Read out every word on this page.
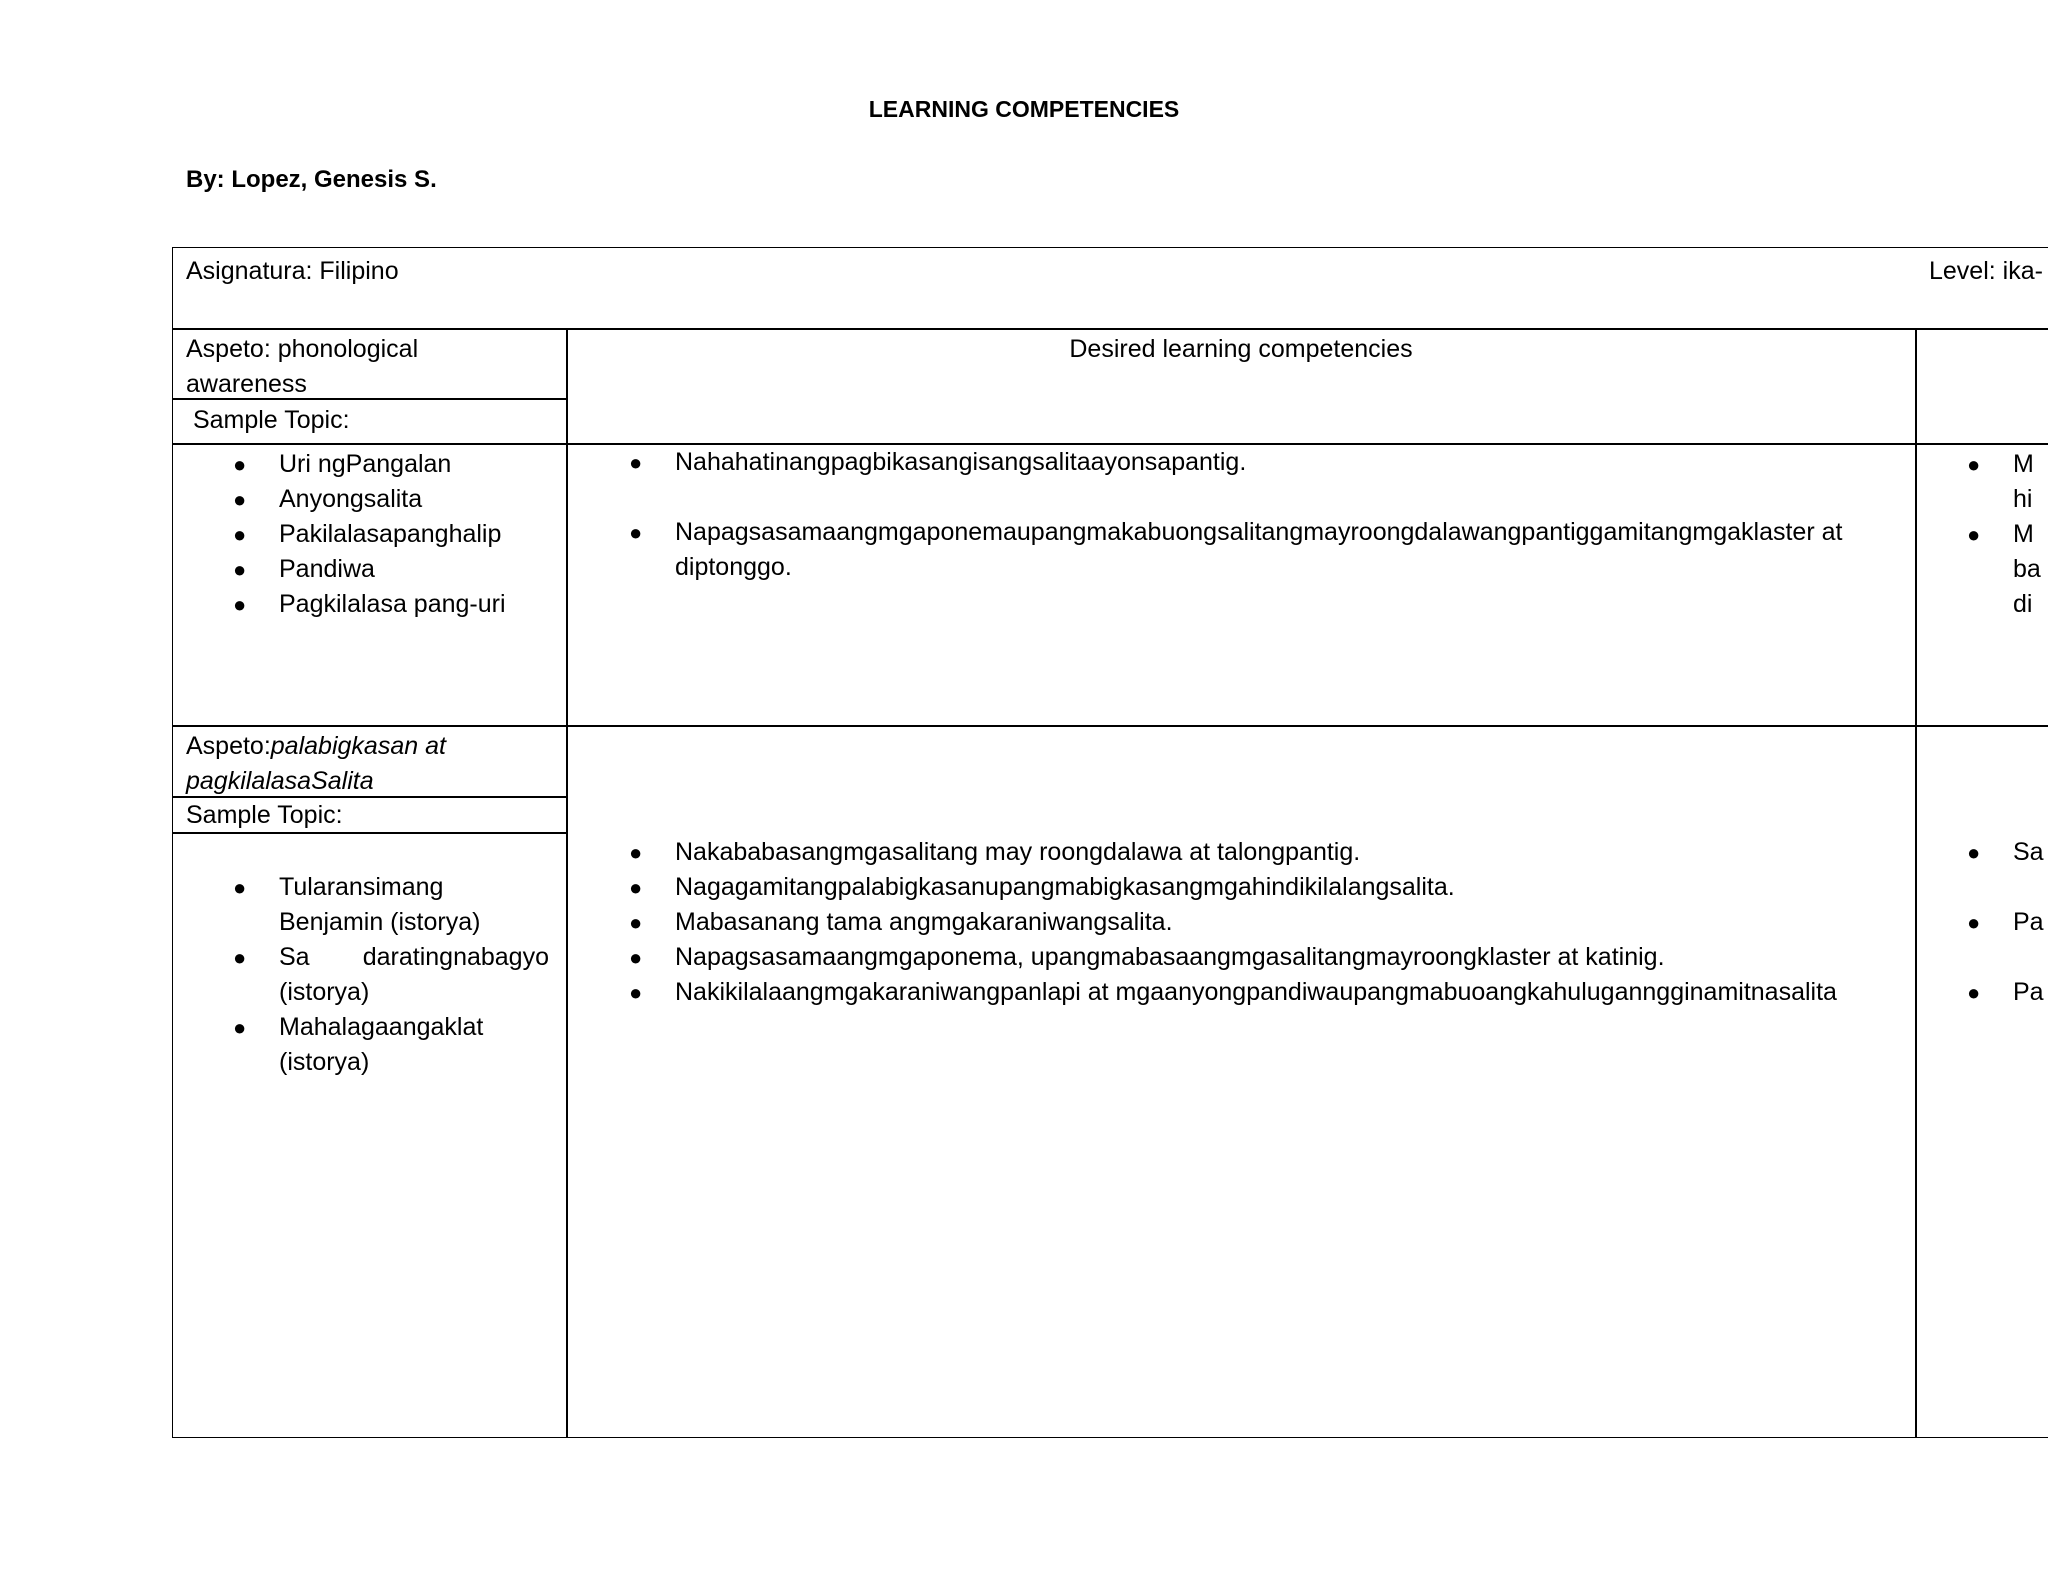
LEARNING COMPETENCIES
By: Lopez, Genesis S.
Asignatura: Filipino	Level: ika-
Aspeto: phonological
awareness
Sample Topic:
Desired learning competencies
● Uri ngPangalan
● Anyongsalita
● Pakilalasapanghalip
● Pandiwa
● Pagkilalasa pang-uri
● Nahahatinangpagbikasangisangsalitaayonsapantig.
● Napagsasamaangmgaponemaupangmakabuongsalitangmayroongdalawangpantiggamitangmgaklaster at
diptonggo.
● M
hi
● M
ba
di
Aspeto:palabigkasan at
pagkilalasaSalita
Sample Topic:
● Tularansimang
Benjamin (istorya)
● Sa daratingnabagyo
(istorya)
● Mahalagaangaklat
(istorya)
● Nakababasangmgasalitang may roongdalawa at talongpantig.
● Nagagamitangpalabigkasanupangmabigkasangmgahindikilalangsalita.
● Mabasanang tama angmgakaraniwangsalita.
● Napagsasamaangmgaponema, upangmabasaangmgasalitangmayroongklaster at katinig.
● Nakikilalaangmgakaraniwangpanlapi at mgaanyongpandiwaupangmabuoangkahuluganngginamitnasalita
● Sa
● Pa
● Pa
